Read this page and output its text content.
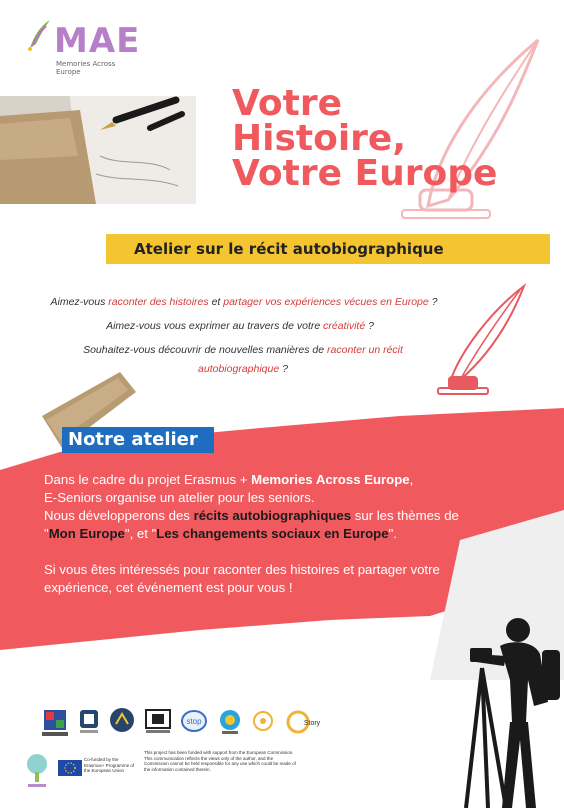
MAE
Memories Across Europe
Votre
Histoire,
Votre Europe
Atelier sur le récit autobiographique
Aimez-vous raconter des histoires et partager vos expériences vécues en Europe ?
Aimez-vous vous exprimer au travers de votre créativité ?
Souhaitez-vous découvrir de nouvelles manières de raconter un récit
autobiographique ?
Notre atelier

Dans le cadre du projet Erasmus + Memories Across Europe,

E-Seniors organise un atelier pour les seniors.

Nous développerons des récits autobiographiques sur les thèmes de

"Mon Europe", et "Les changements sociaux en Europe".

Si vous êtes intéressés pour raconter des histoires et partager votre

expérience, cet événement est pour vous !

stop	Story
Co-funded by the Erasmus+ Programme of the European Union
This project has been funded with support from the European Commission. This communication reflects the views only of the author, and the Commission cannot be held responsible for any use which could be made of the information contained therein.
